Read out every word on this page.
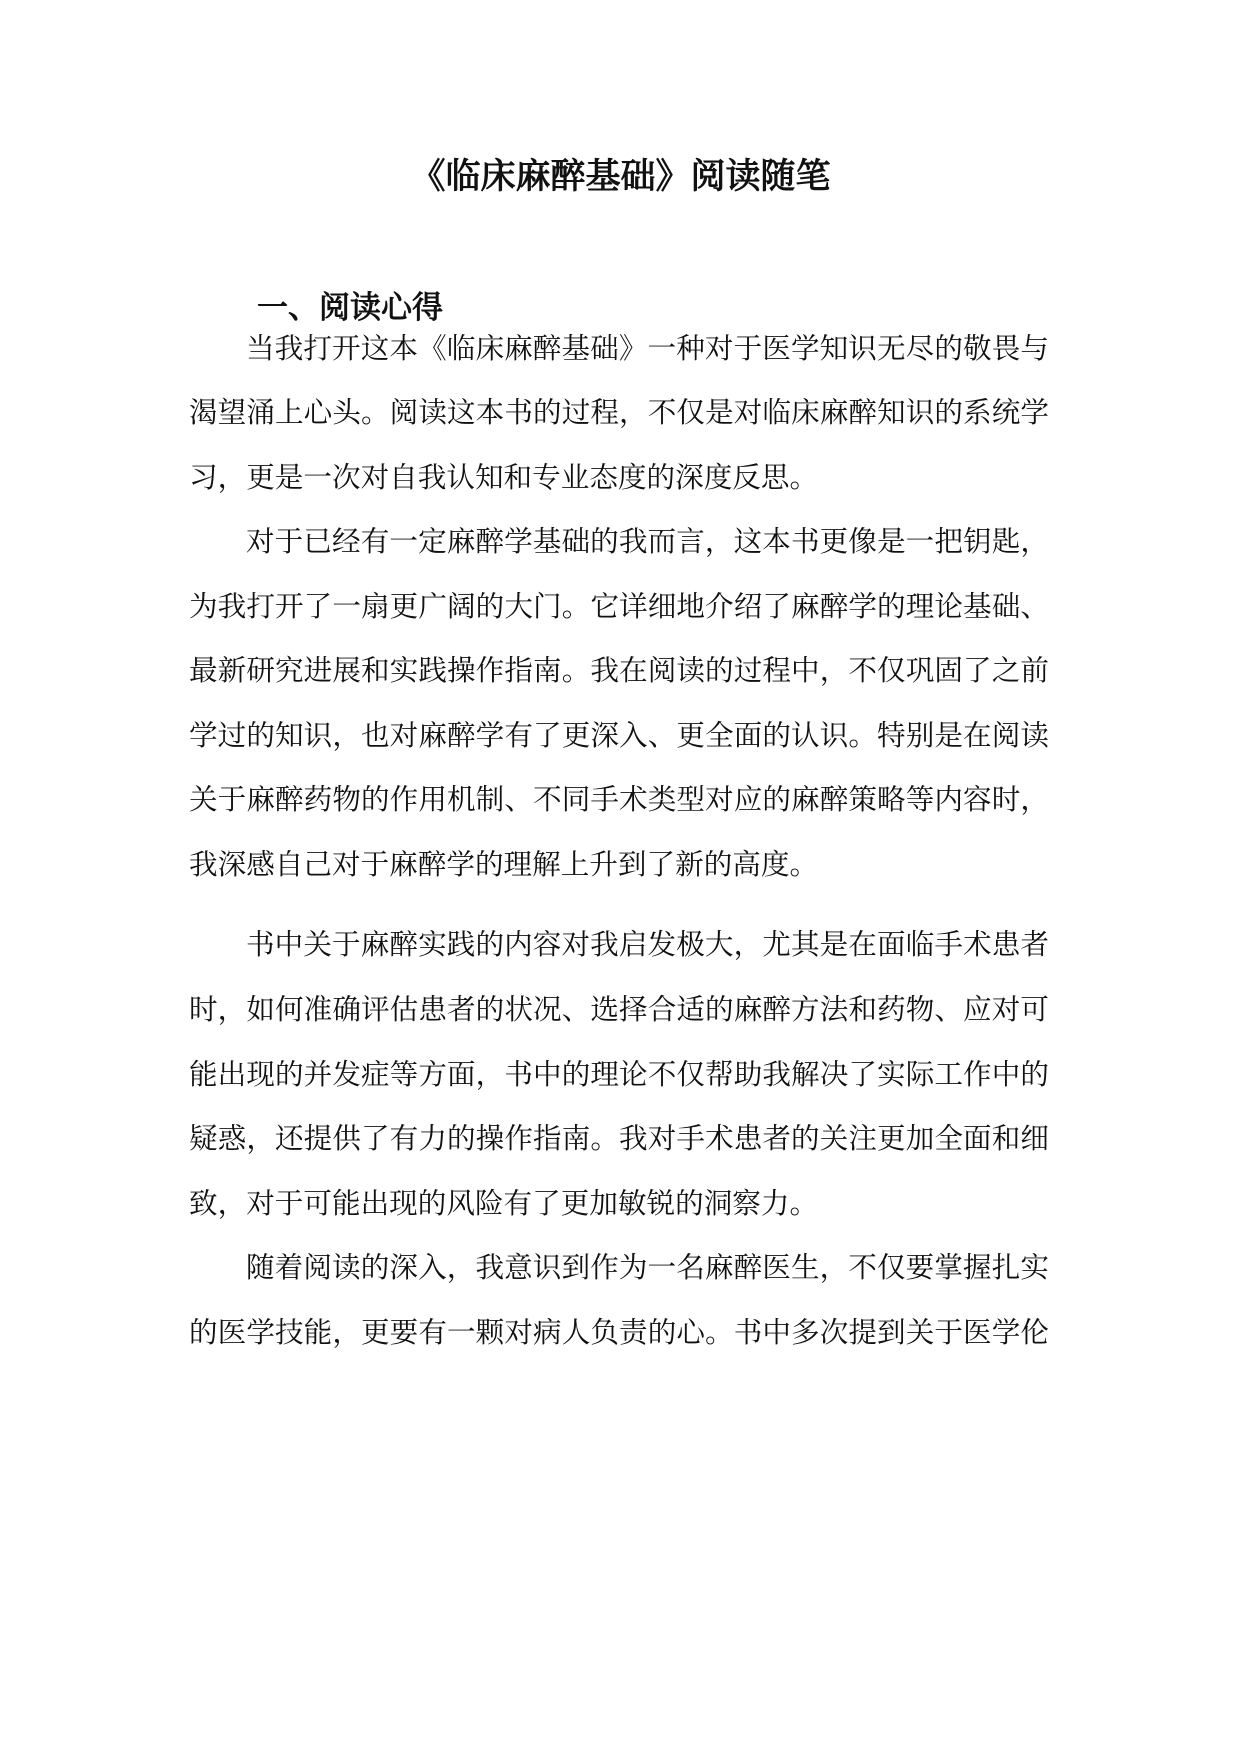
《临床麻醉基础》阅读随笔
一、阅读心得
当我打开这本《临床麻醉基础》一种对于医学知识无尽的敬畏与
渴望涌上心头。阅读这本书的过程，不仅是对临床麻醉知识的系统学
习，更是一次对自我认知和专业态度的深度反思。
对于已经有一定麻醉学基础的我而言，这本书更像是一把钥匙，
为我打开了一扇更广阔的大门。它详细地介绍了麻醉学的理论基础、
最新研究进展和实践操作指南。我在阅读的过程中，不仅巩固了之前
学过的知识，也对麻醉学有了更深入、更全面的认识。特别是在阅读
关于麻醉药物的作用机制、不同手术类型对应的麻醉策略等内容时，
我深感自己对于麻醉学的理解上升到了新的高度。
书中关于麻醉实践的内容对我启发极大，尤其是在面临手术患者
时，如何准确评估患者的状况、选择合适的麻醉方法和药物、应对可
能出现的并发症等方面，书中的理论不仅帮助我解决了实际工作中的
疑惑，还提供了有力的操作指南。我对手术患者的关注更加全面和细
致，对于可能出现的风险有了更加敏锐的洞察力。
随着阅读的深入，我意识到作为一名麻醉医生，不仅要掌握扎实
的医学技能，更要有一颗对病人负责的心。书中多次提到关于医学伦
